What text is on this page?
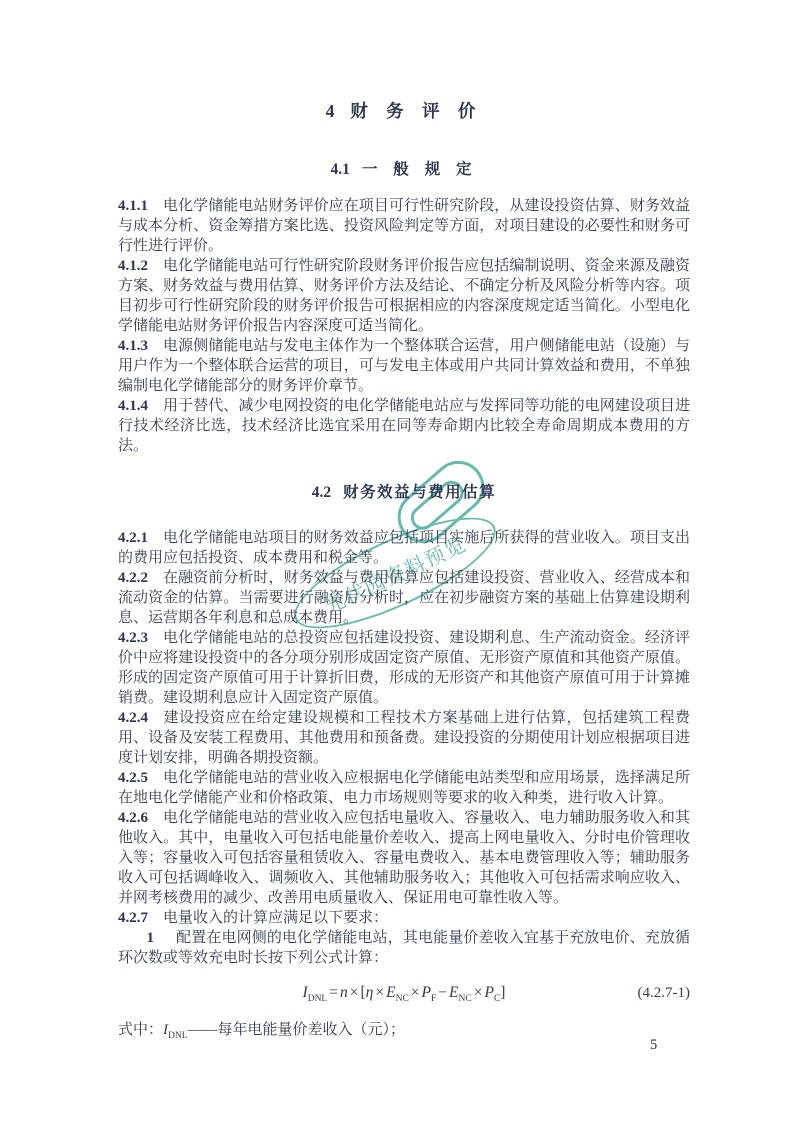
光伏园资料预览
4 财 务 评 价
4.1 一 般 规 定

4.1.1 电化学储能电站财务评价应在项目可行性研究阶段，从建设投资估算、财务效益与成本分析、资金筹措方案比选、投资风险判定等方面，对项目建设的必要性和财务可行性进行评价。

4.1.2 电化学储能电站可行性研究阶段财务评价报告应包括编制说明、资金来源及融资方案、财务效益与费用估算、财务评价方法及结论、不确定分析及风险分析等内容。项目初步可行性研究阶段的财务评价报告可根据相应的内容深度规定适当简化。小型电化学储能电站财务评价报告内容深度可适当简化。

4.1.3 电源侧储能电站与发电主体作为一个整体联合运营，用户侧储能电站（设施）与用户作为一个整体联合运营的项目，可与发电主体或用户共同计算效益和费用，不单独编制电化学储能部分的财务评价章节。

4.1.4 用于替代、减少电网投资的电化学储能电站应与发挥同等功能的电网建设项目进行技术经济比选，技术经济比选宜采用在同等寿命期内比较全寿命周期成本费用的方法。

4.2 财务效益与费用估算

4.2.1 电化学储能电站项目的财务效益应包括项目实施后所获得的营业收入。项目支出的费用应包括投资、成本费用和税金等。

4.2.2 在融资前分析时，财务效益与费用估算应包括建设投资、营业收入、经营成本和流动资金的估算。当需要进行融资后分析时，应在初步融资方案的基础上估算建设期利息、运营期各年利息和总成本费用。

4.2.3 电化学储能电站的总投资应包括建设投资、建设期利息、生产流动资金。经济评价中应将建设投资中的各分项分别形成固定资产原值、无形资产原值和其他资产原值。形成的固定资产原值可用于计算折旧费，形成的无形资产和其他资产原值可用于计算摊销费。建设期利息应计入固定资产原值。

4.2.4 建设投资应在给定建设规模和工程技术方案基础上进行估算，包括建筑工程费用、设备及安装工程费用、其他费用和预备费。建设投资的分期使用计划应根据项目进度计划安排，明确各期投资额。

4.2.5 电化学储能电站的营业收入应根据电化学储能电站类型和应用场景，选择满足所在地电化学储能产业和价格政策、电力市场规则等要求的收入种类，进行收入计算。

4.2.6 电化学储能电站的营业收入应包括电量收入、容量收入、电力辅助服务收入和其他收入。其中，电量收入可包括电能量价差收入、提高上网电量收入、分时电价管理收入等；容量收入可包括容量租赁收入、容量电费收入、基本电费管理收入等；辅助服务收入可包括调峰收入、调频收入、其他辅助服务收入；其他收入可包括需求响应收入、并网考核费用的减少、改善用电质量收入、保证用电可靠性收入等。

4.2.7 电量收入的计算应满足以下要求：

1 配置在电网侧的电化学储能电站，其电能量价差收入宜基于充放电价、充放循环次数或等效充电时长按下列公式计算：

$I_{DNL} = n \times [\eta \times E_{NC} \times P_F - E_{NC} \times P_C]$	(4.2.7-1)

式中：$I_{DNL}——$每年电能量价差收入（元）；

5
